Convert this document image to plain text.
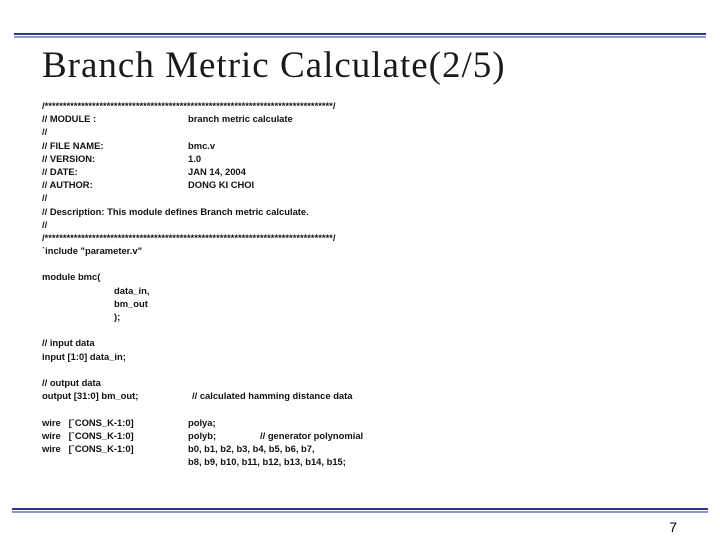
Branch Metric Calculate(2/5)
/*******************************************************************************/
// MODULE :	branch metric calculate
//
// FILE NAME:	bmc.v
// VERSION:	1.0
// DATE:	JAN 14, 2004
// AUTHOR:	DONG KI CHOI
//
// Description: This module defines Branch metric calculate.
//
/*******************************************************************************/
`include "parameter.v"
module bmc(
data_in,
bm_out
);
// input data
input [1:0] data_in;
// output data
output [31:0] bm_out;	// calculated hamming distance data
wire   [`CONS_K-1:0]	polya;
wire   [`CONS_K-1:0]	polyb;	// generator polynomial
wire   [`CONS_K-1:0]	b0, b1, b2, b3, b4, b5, b6, b7,
b8, b9, b10, b11, b12, b13, b14, b15;
7
